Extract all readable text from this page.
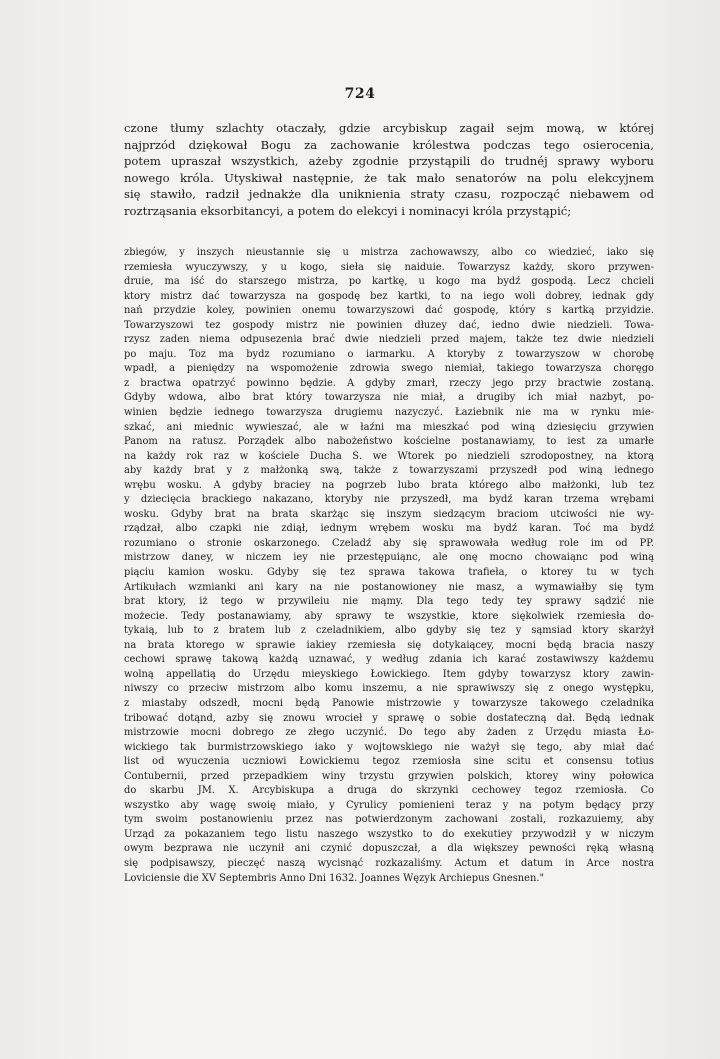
724
czone tłumy szlachty otaczały, gdzie arcybiskup zagaił sejm mową, w której
najprzód dziękował Bogu za zachowanie królestwa podczas tego osierocenia,
potem upraszał wszystkich, ażeby zgodnie przystąpili do trudnéj sprawy wyboru
nowego króla. Utyskiwał następnie, że tak mało senatorów na polu elekcyjnem
się stawiło, radził jednakże dla uniknienia straty czasu, rozpocząć niebawem od
roztrząsania eksorbitancyi, a potem do elekcyi i nominacyi króla przystąpić;
zbiegów, y inszych nieustannie się u mistrza zachowawszy, albo co wiedzieć, iako się
rzemiesła wyuczywszy, y u kogo, sieła się naiduie. Towarzysz każdy, skoro przywen-
druie, ma iść do starszego mistrza, po kartkę, u kogo ma bydź gospodą. Lecz chcieli
ktory mistrz dać towarzysza na gospodę bez kartki, to na iego woli dobrey, iednak gdy
nań przydzie koley, powinien onemu towarzyszowi dać gospodę, który s kartką przyidzie.
Towarzyszowi tez gospody mistrz nie powinien dłuzey dać, iedno dwie niedzieli. Towa-
rzysz zaden niema odpusezenia brać dwie niedzieli przed majem, także tez dwie niedzieli
po maju. Toz ma bydz rozumiano o iarmarku. A ktoryby z towarzyszow w chorobę
wpadł, a pieniędzy na wspomożenie zdrowia swego niemiał, takiego towarzysza choręgo
z bractwa opatrzyć powinno będzie. A gdyby zmarł, rzeczy jego przy bractwie zostaną.
Gdyby wdowa, albo brat który towarzysza nie miał, a drugiby ich miał nazbyt, po-
winien będzie iednego towarzysza drugiemu nazyczyć. Łaziebnik nie ma w rynku mie-
szkać, ani miednic wywieszać, ale w łaźni ma mieszkać pod winą dziesięciu grzywien
Panom na ratusz. Porządek albo nabożeństwo kościelne postanawiamy, to iest za umarłe
na każdy rok raz w kościele Ducha Ś. we Wtorek po niedzieli szrodopostney, na ktorą
aby każdy brat y z małżonką swą, także z towarzyszami przyszedł pod winą iednego
wrębu wosku. A gdyby bracіey na pogrzeb lubo brata którego albo małżonki, lub tez
y dziecięcia brackiego nakazano, ktoryby nie przyszedł, ma bydź karan trzema wrębami
wosku. Gdyby brat na brata skarżąc się inszym siedzącym braciom utciwości nie wy-
rządzał, albo czapki nie zdiął, iednym wrębem wosku ma bydź karan. Toć ma bydź
rozumiano o stronie oskarzonego. Czeladź aby się sprawowała według role im od PP.
mistrzow daney, w niczem iey nie przestępuiąnc, ale onę mocno chowaiąnc pod winą
piąciu kamion wosku. Gdyby się tez sprawa takowa trafieła, o ktorey tu w tych
Artikułach wzmianki ani kary na nie postanowioney nie masz, a wymawiałby się tym
brat ktory, iż tego w przywileiu nie mąmy. Dla tego tedy tey sprawy sądzić nie
możecie. Tedy postanawiamy, aby sprawy te wszystkie, ktore siękolwiek rzemiesła do-
tykaią, lub to z bratem lub z czeladnikiem, albo gdyby się tez y sąmsiad ktory skarżył
na brata ktorego w sprawie iakiey rzemiesła się dotykaiącey, mocni będą bracia naszy
cechowi sprawę takową każdą uznawać, y według zdania ich karać zostawiwszy każdemu
wolną appellatią do Urzędu mieyskiego Łowickiego. Item gdyby towarzysz ktory zawin-
niwszy co przeciw mistrzom albo komu inszemu, a nie sprawiwszy się z onego występku,
z miastaby odszedł, mocni będą Panowie mistrzowie y towarzysze takowego czeladnika
tribować dotąnd, azby się znowu wrocieł y sprawę o sobie dostateczną dał. Będą iednak
mistrzowie mocni dobrego ze złego uczynić. Do tego aby żaden z Urzędu miasta Ło-
wickiego tak burmistrzowskiego iako y wojtowskiego nie ważył się tego, aby miał dać
list od wyuczenia uczniowi Łowickiemu tegoz rzemiosła sine scitu et consensu totius
Contubernii, przed przepadkiem winy trzystu grzywien polskich, ktorey winy połowica
do skarbu JM. X. Arcybiskupa a druga do skrzynki cechowey tegoz rzemiosła. Co
wszystko aby wagę swoię miało, y Cyrulicy pomienieni teraz y na potym będący przy
tym swoim postanowieniu przez nas potwierdzonym zachowani zostali, rozkazuiemy, aby
Urząd za pokazaniem tego listu naszego wszystko to do exekutiey przywodził y w niczym
owym bezprawa nie uczynił ani czynić dopuszczał, a dla większey pewności ręką własną
się podpisawszy, pieczęć naszą wycisnąć rozkazaliśmy. Actum et datum in Arce nostra
Loviciensie die XV Septembris Anno Dni 1632. Joannes Węzyk Archiepus Gnesnen."
